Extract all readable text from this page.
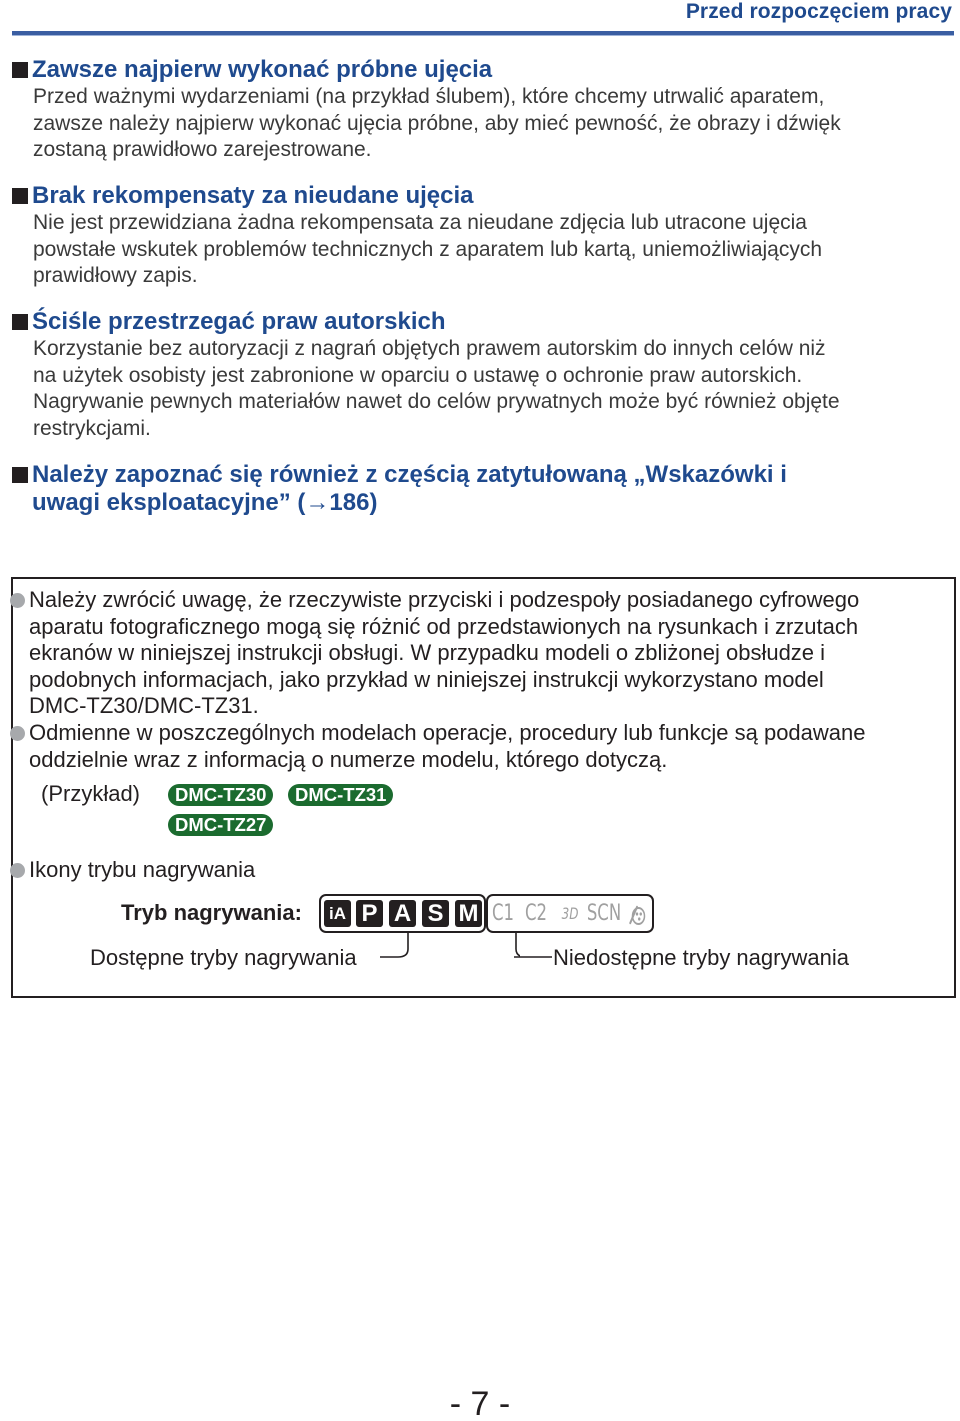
Przed rozpoczęciem pracy
Zawsze najpierw wykonać próbne ujęcia
Przed ważnymi wydarzeniami (na przykład ślubem), które chcemy utrwalić aparatem,
zawsze należy najpierw wykonać ujęcia próbne, aby mieć pewność, że obrazy i dźwięk
zostaną prawidłowo zarejestrowane.
Brak rekompensaty za nieudane ujęcia
Nie jest przewidziana żadna rekompensata za nieudane zdjęcia lub utracone ujęcia
powstałe wskutek problemów technicznych z aparatem lub kartą, uniemożliwiających
prawidłowy zapis.
Ściśle przestrzegać praw autorskich
Korzystanie bez autoryzacji z nagrań objętych prawem autorskim do innych celów niż
na użytek osobisty jest zabronione w oparciu o ustawę o ochronie praw autorskich.
Nagrywanie pewnych materiałów nawet do celów prywatnych może być również objęte
restrykcjami.
Należy zapoznać się również z częścią zatytułowaną „Wskazówki i
uwagi eksploatacyjne” (→186)
Należy zwrócić uwagę, że rzeczywiste przyciski i podzespoły posiadanego cyfrowego
aparatu fotograficznego mogą się różnić od przedstawionych na rysunkach i zrzutach
ekranów w niniejszej instrukcji obsługi. W przypadku modeli o zbliżonej obsłudze i
podobnych informacjach, jako przykład w niniejszej instrukcji wykorzystano model
DMC-TZ30/DMC-TZ31.
Odmienne w poszczególnych modelach operacje, procedury lub funkcje są podawane
oddzielnie wraz z informacją o numerze modelu, którego dotyczą.
(Przykład)	DMC-TZ30	DMC-TZ31
DMC-TZ27
Ikony trybu nagrywania
Tryb nagrywania: iA P A S M C1 C2 3D SCN
Dostępne tryby nagrywania	Niedostępne tryby nagrywania
- 7 -
